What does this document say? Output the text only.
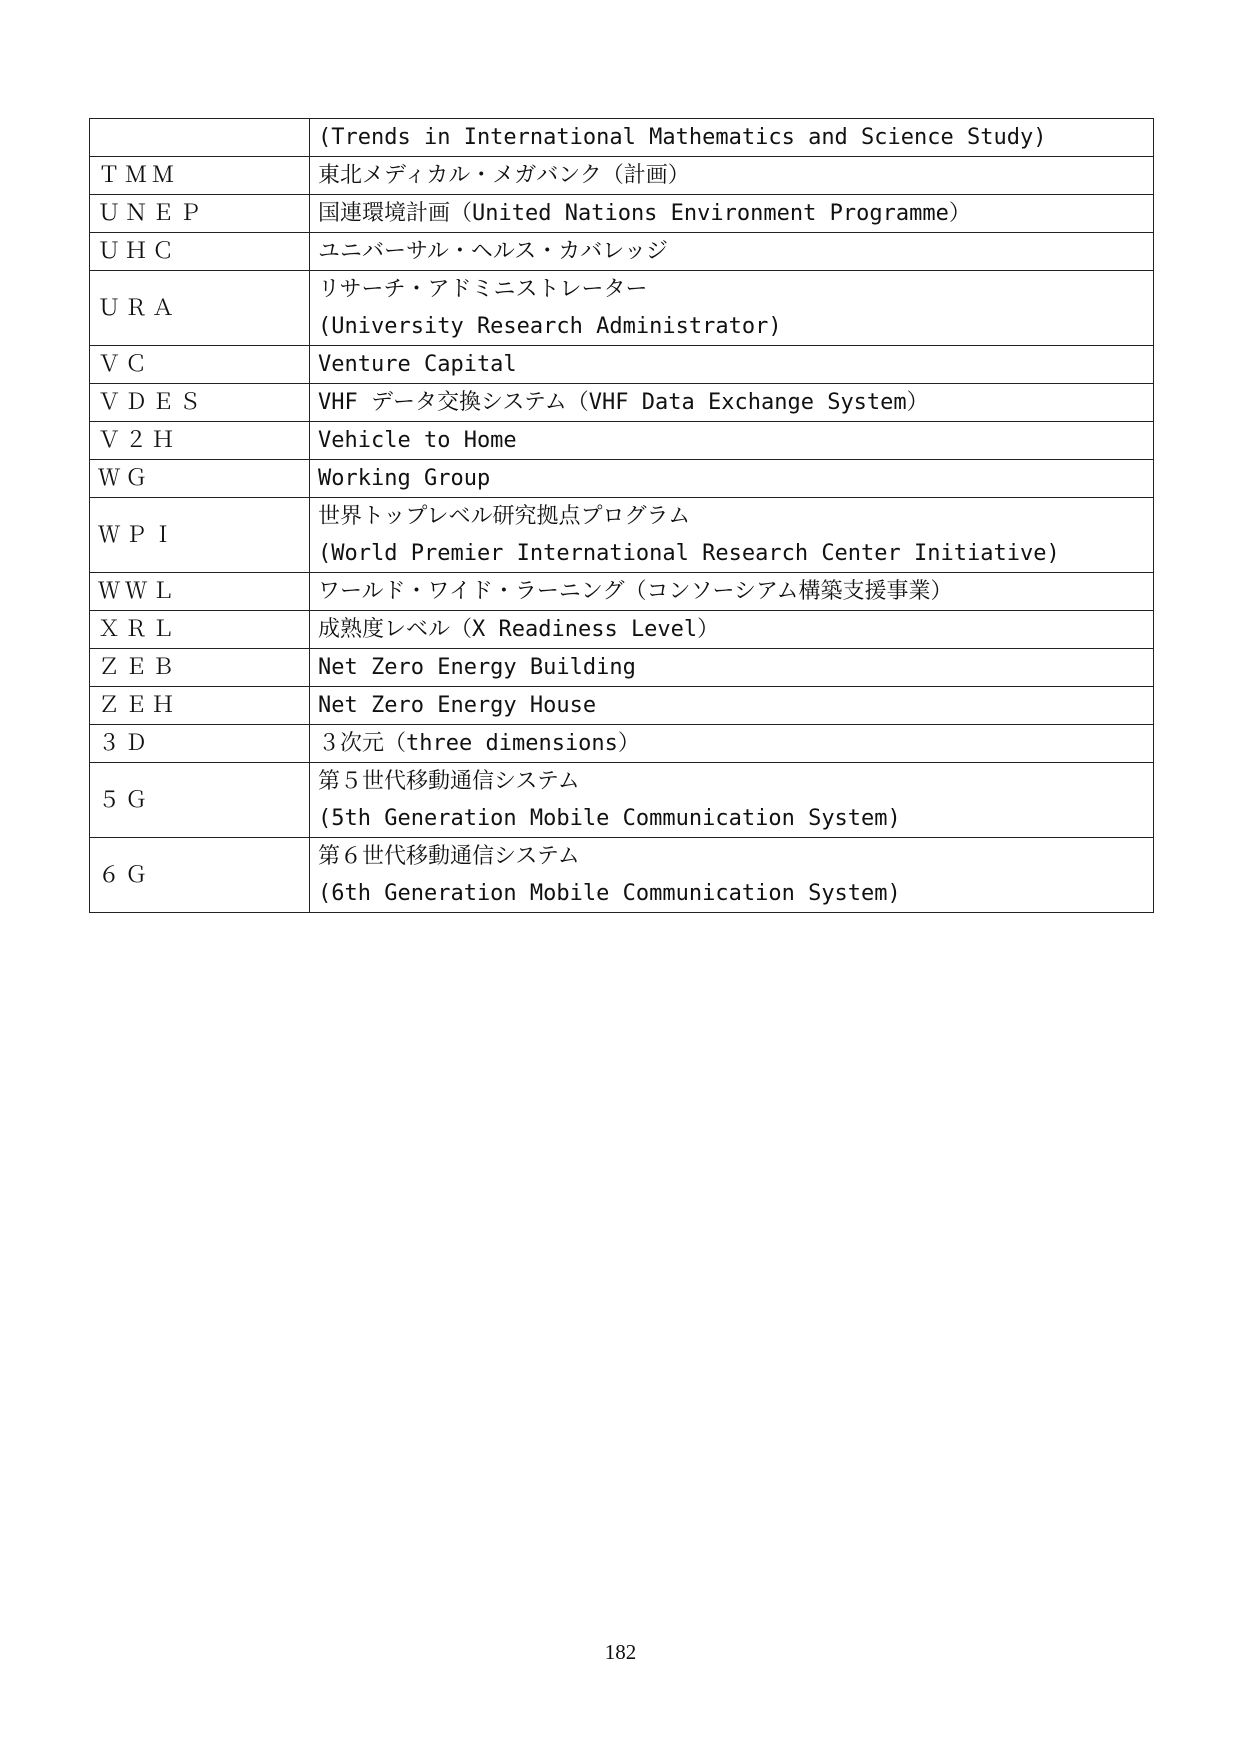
	(Trends in International Mathematics and Science Study)

ＴＭＭ	東北メディカル・メガバンク（計画）

ＵＮＥＰ	国連環境計画（United Nations Environment Programme）

ＵＨＣ	ユニバーサル・ヘルス・カバレッジ

ＵＲＡ	リサーチ・アドミニストレーター
(University Research Administrator)

ＶＣ	Venture Capital

ＶＤＥＳ	VHF データ交換システム（VHF Data Exchange System）

Ｖ２Ｈ	Vehicle to Home

ＷＧ	Working Group

ＷＰＩ	世界トップレベル研究拠点プログラム
(World Premier International Research Center Initiative)

ＷＷＬ	ワールド・ワイド・ラーニング（コンソーシアム構築支援事業）

ＸＲＬ	成熟度レベル（X Readiness Level）

ＺＥＢ	Net Zero Energy Building

ＺＥＨ	Net Zero Energy House

３Ｄ	３次元（three dimensions）

５Ｇ	第５世代移動通信システム
(5th Generation Mobile Communication System)

６Ｇ	第６世代移動通信システム
(6th Generation Mobile Communication System)
182
